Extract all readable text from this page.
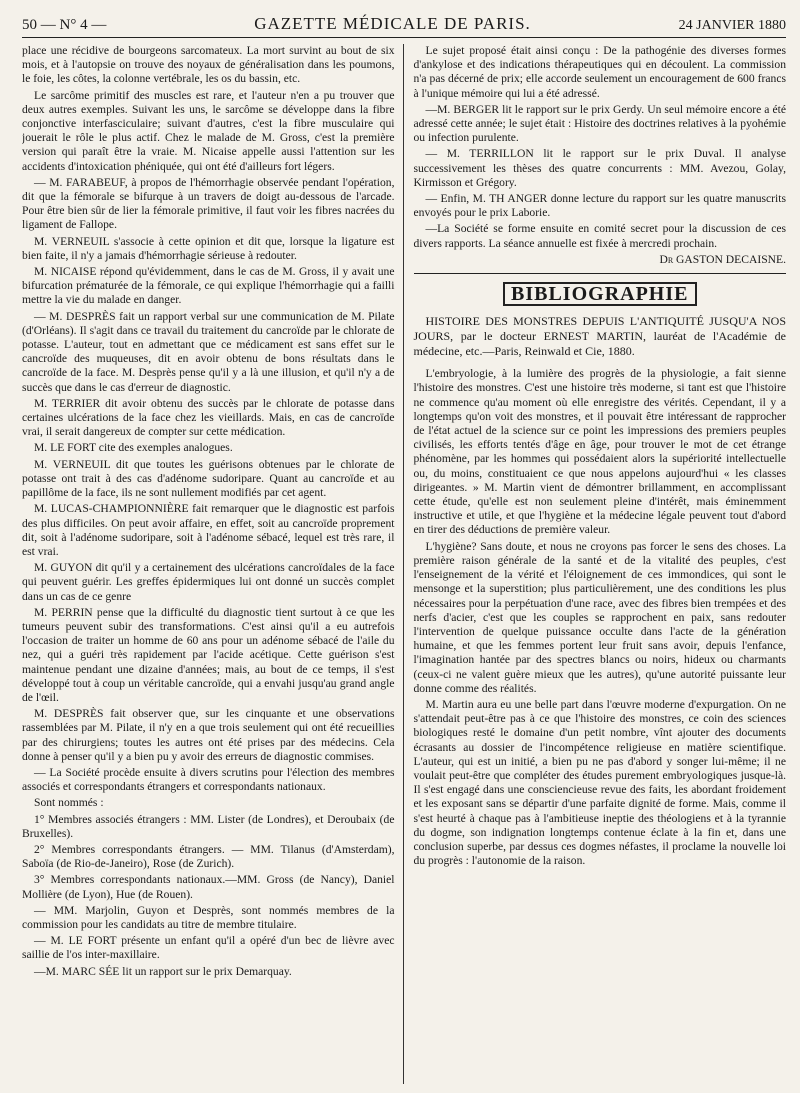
50 — N° 4 —	GAZETTE MÉDICALE DE PARIS.	24 JANVIER 1880

place une récidive de bourgeons sarcomateux. La mort survint au bout de six mois, et à l'autopsie on trouve des noyaux de généralisation dans les poumons, le foie, les côtes, la colonne vertébrale, les os du bassin, etc.

Le sarcôme primitif des muscles est rare, et l'auteur n'en a pu trouver que deux autres exemples. Suivant les uns, le sarcôme se développe dans la fibre conjonctive interfasciculaire; suivant d'autres, c'est la fibre musculaire qui jouerait le rôle le plus actif. Chez le malade de M. Gross, c'est la première version qui paraît être la vraie. M. Nicaise appelle aussi l'attention sur les accidents d'intoxication phéniquée, qui ont été d'ailleurs fort légers.

— M. FARABEUF, à propos de l'hémorrhagie observée pendant l'opération, dit que la fémorale se bifurque à un travers de doigt au-dessous de l'arcade. Pour être bien sûr de lier la fémorale primitive, il faut voir les fibres nacrées du ligament de Fallope.

M. VERNEUIL s'associe à cette opinion et dit que, lorsque la ligature est bien faite, il n'y a jamais d'hémorrhagie sérieuse à redouter.

M. NICAISE répond qu'évidemment, dans le cas de M. Gross, il y avait une bifurcation prématurée de la fémorale, ce qui explique l'hémorrhagie qui a failli mettre la vie du malade en danger.

— M. DESPRÈS fait un rapport verbal sur une communication de M. Pilate (d'Orléans). Il s'agit dans ce travail du traitement du cancroïde par le chlorate de potasse. L'auteur, tout en admettant que ce médicament est sans effet sur le cancroïde des muqueuses, dit en avoir obtenu de bons résultats dans le cancroïde de la face. M. Desprès pense qu'il y a là une illusion, et qu'il n'y a de succès que dans le cas d'erreur de diagnostic.

M. TERRIER dit avoir obtenu des succès par le chlorate de potasse dans certaines ulcérations de la face chez les vieillards. Mais, en cas de cancroïde vrai, il serait dangereux de compter sur cette médication.

M. LE FORT cite des exemples analogues.

M. VERNEUIL dit que toutes les guérisons obtenues par le chlorate de potasse ont trait à des cas d'adénome sudoripare. Quant au cancroïde et au papillôme de la face, ils ne sont nullement modifiés par cet agent.

M. LUCAS-CHAMPIONNIÈRE fait remarquer que le diagnostic est parfois des plus difficiles. On peut avoir affaire, en effet, soit au cancroïde proprement dit, soit à l'adénome sudoripare, soit à l'adénome sébacé, lequel est très rare, il est vrai.

M. GUYON dit qu'il y a certainement des ulcérations cancroïdales de la face qui peuvent guérir. Les greffes épidermiques lui ont donné un succès complet dans un cas de ce genre

M. PERRIN pense que la difficulté du diagnostic tient surtout à ce que les tumeurs peuvent subir des transformations. C'est ainsi qu'il a eu autrefois l'occasion de traiter un homme de 60 ans pour un adénome sébacé de l'aile du nez, qui a guéri très rapidement par l'acide acétique. Cette guérison s'est maintenue pendant une dizaine d'années; mais, au bout de ce temps, il s'est développé tout à coup un véritable cancroïde, qui a envahi jusqu'au grand angle de l'œil.

M. DESPRÈS fait observer que, sur les cinquante et une observations rassemblées par M. Pilate, il n'y en a que trois seulement qui ont été recueillies par des chirurgiens; toutes les autres ont été prises par des médecins. Cela donne à penser qu'il y a bien pu y avoir des erreurs de diagnostic commises.

— La Société procède ensuite à divers scrutins pour l'élection des membres associés et correspondants étrangers et correspondants nationaux.

Sont nommés :

1° Membres associés étrangers : MM. Lister (de Londres), et Deroubaix (de Bruxelles).

2° Membres correspondants étrangers. — MM. Tilanus (d'Amsterdam), Saboïa (de Rio-de-Janeiro), Rose (de Zurich).

3° Membres correspondants nationaux.—MM. Gross (de Nancy), Daniel Mollière (de Lyon), Hue (de Rouen).

— MM. Marjolin, Guyon et Desprès, sont nommés membres de la commission pour les candidats au titre de membre titulaire.

— M. LE FORT présente un enfant qu'il a opéré d'un bec de lièvre avec saillie de l'os inter-maxillaire.

—M. MARC SÉE lit un rapport sur le prix Demarquay.

Le sujet proposé était ainsi conçu : De la pathogénie des diverses formes d'ankylose et des indications thérapeutiques qui en découlent. La commission n'a pas décerné de prix; elle accorde seulement un encouragement de 600 francs à l'unique mémoire qui lui a été adressé.

—M. BERGER lit le rapport sur le prix Gerdy. Un seul mémoire encore a été adressé cette année; le sujet était : Histoire des doctrines relatives à la pyohémie ou infection purulente.

— M. TERRILLON lit le rapport sur le prix Duval. Il analyse successivement les thèses des quatre concurrents : MM. Avezou, Golay, Kirmisson et Grégory.

— Enfin, M. TH ANGER donne lecture du rapport sur les quatre manuscrits envoyés pour le prix Laborie.

—La Société se forme ensuite en comité secret pour la discussion de ces divers rapports. La séance annuelle est fixée à mercredi prochain.

Dr GASTON DECAISNE.

BIBLIOGRAPHIE

HISTOIRE DES MONSTRES DEPUIS L'ANTIQUITÉ JUSQU'A NOS JOURS, par le docteur ERNEST MARTIN, lauréat de l'Académie de médecine, etc.—Paris, Reinwald et Cie, 1880.

L'embryologie, à la lumière des progrès de la physiologie, a fait sienne l'histoire des monstres. C'est une histoire très moderne, si tant est que l'histoire ne commence qu'au moment où elle enregistre des vérités. Cependant, il y a longtemps qu'on voit des monstres, et il pouvait être intéressant de rapprocher de l'état actuel de la science sur ce point les impressions des premiers peuples civilisés, les efforts tentés d'âge en âge, pour trouver le mot de cet étrange phénomène, par les hommes qui possédaient alors la supériorité intellectuelle ou, du moins, constituaient ce que nous appelons aujourd'hui « les classes dirigeantes. » M. Martin vient de démontrer brillamment, en accomplissant cette étude, qu'elle est non seulement pleine d'intérêt, mais éminemment instructive et utile, et que l'hygiène et la médecine légale peuvent tout d'abord en tirer des déductions de première valeur.

L'hygiène? Sans doute, et nous ne croyons pas forcer le sens des choses. La première raison générale de la santé et de la vitalité des peuples, c'est l'enseignement de la vérité et l'éloignement de ces immondices, qui sont le mensonge et la superstition; plus particulièrement, une des conditions les plus nécessaires pour la perpétuation d'une race, avec des fibres bien trempées et des nerfs d'acier, c'est que les couples se rapprochent en paix, sans redouter l'intervention de quelque puissance occulte dans l'acte de la génération humaine, et que les femmes portent leur fruit sans avoir, depuis l'enfance, l'imagination hantée par des spectres blancs ou noirs, hideux ou charmants (ceux-ci ne valent guère mieux que les autres), qu'une autorité puissante leur donne comme des réalités.

M. Martin aura eu une belle part dans l'œuvre moderne d'expurgation. On ne s'attendait peut-être pas à ce que l'histoire des monstres, ce coin des sciences biologiques resté le domaine d'un petit nombre, vînt ajouter des documents écrasants au dossier de l'incompétence religieuse en matière scientifique. L'auteur, qui est un initié, a bien pu ne pas d'abord y songer lui-même; il ne voulait peut-être que compléter des études purement embryologiques jusque-là. Il s'est engagé dans une consciencieuse revue des faits, les abordant froidement et les exposant sans se départir d'une parfaite dignité de forme. Mais, comme il s'est heurté à chaque pas à l'ambitieuse ineptie des théologiens et à la tyrannie du dogme, son indignation longtemps contenue éclate à la fin et, dans une conclusion superbe, par dessus ces dogmes néfastes, il proclame la nouvelle loi du progrès : l'autonomie de la raison.
